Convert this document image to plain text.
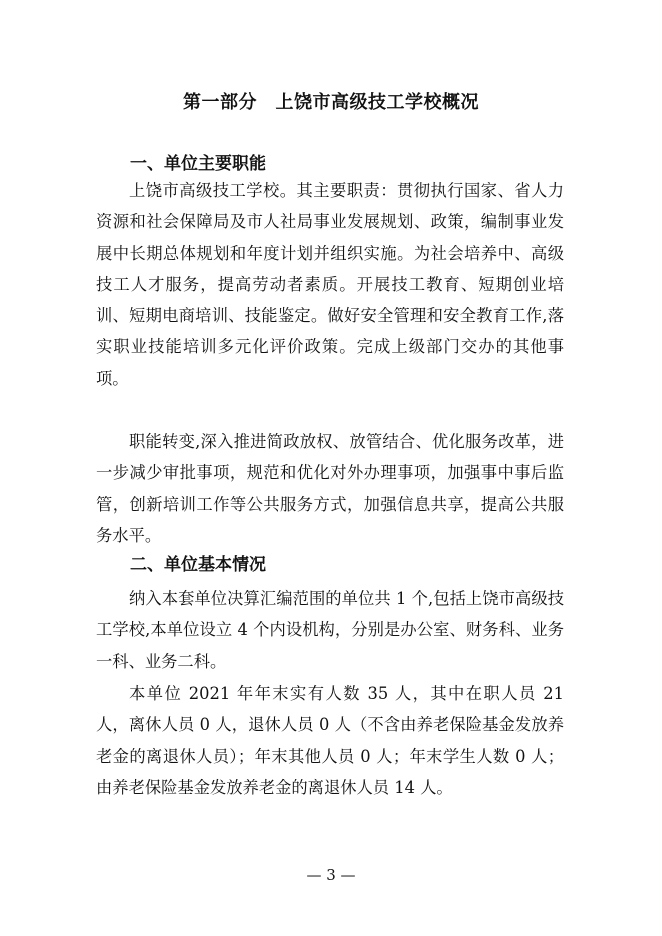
第一部分　上饶市高级技工学校概况
一、单位主要职能

上饶市高级技工学校。其主要职责：贯彻执行国家、省人力资源和社会保障局及市人社局事业发展规划、政策，编制事业发展中长期总体规划和年度计划并组织实施。为社会培养中、高级技工人才服务，提高劳动者素质。开展技工教育、短期创业培训、短期电商培训、技能鉴定。做好安全管理和安全教育工作,落实职业技能培训多元化评价政策。完成上级部门交办的其他事项。

职能转变,深入推进简政放权、放管结合、优化服务改革，进一步减少审批事项，规范和优化对外办理事项，加强事中事后监管，创新培训工作等公共服务方式，加强信息共享，提高公共服务水平。

二、单位基本情况

纳入本套单位决算汇编范围的单位共 1 个,包括上饶市高级技工学校,本单位设立 4 个内设机构，分别是办公室、财务科、业务一科、业务二科。

本单位 2021 年年末实有人数 35 人，其中在职人员 21 人，离休人员 0 人，退休人员 0 人（不含由养老保险基金发放养老金的离退休人员）；年末其他人员 0 人；年末学生人数 0 人；由养老保险基金发放养老金的离退休人员 14 人。

— 3 —
